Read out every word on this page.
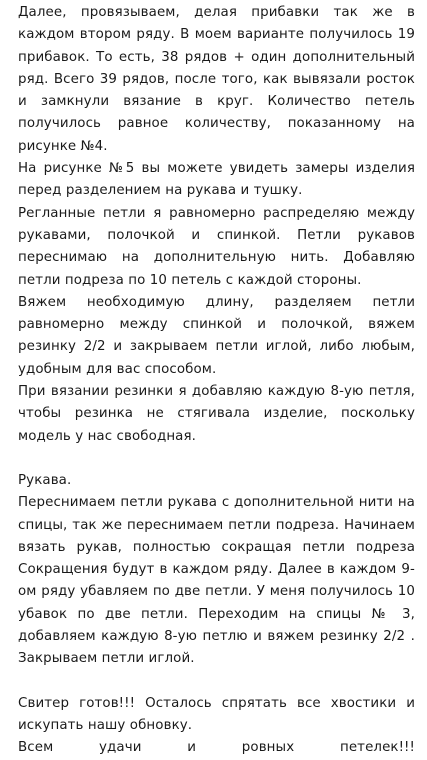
Далее, провязываем, делая прибавки так же в каждом втором ряду. В моем варианте получилось 19 прибавок. То есть, 38 рядов + один дополнительный ряд. Всего 39 рядов, после того, как вывязали росток и замкнули вязание в круг. Количество петель получилось равное количеству, показанному на рисунке №4.

На рисунке №5 вы можете увидеть замеры изделия перед разделением на рукава и тушку.

Регланные петли я равномерно распределяю между рукавами, полочкой и спинкой. Петли рукавов переснимаю на дополнительную нить. Добавляю петли подреза по 10 петель с каждой стороны.

Вяжем необходимую длину, разделяем петли равномерно между спинкой и полочкой, вяжем резинку 2/2 и закрываем петли иглой, либо любым, удобным для вас способом.

При вязании резинки я добавляю каждую 8-ую петля, чтобы резинка не стягивала изделие, поскольку модель у нас свободная.

Рукава.

Переснимаем петли рукава с дополнительной нити на спицы, так же переснимаем петли подреза. Начинаем вязать рукав, полностью сокращая петли подреза Сокращения будут в каждом ряду. Далее в каждом 9-ом ряду убавляем по две петли. У меня получилось 10 убавок по две петли. Переходим на спицы № 3, добавляем каждую 8-ую петлю и вяжем резинку 2/2 . Закрываем петли иглой.

Свитер готов!!! Осталось спрятать все хвостики и искупать нашу обновку.

Всем удачи и ровных петелек!!!
